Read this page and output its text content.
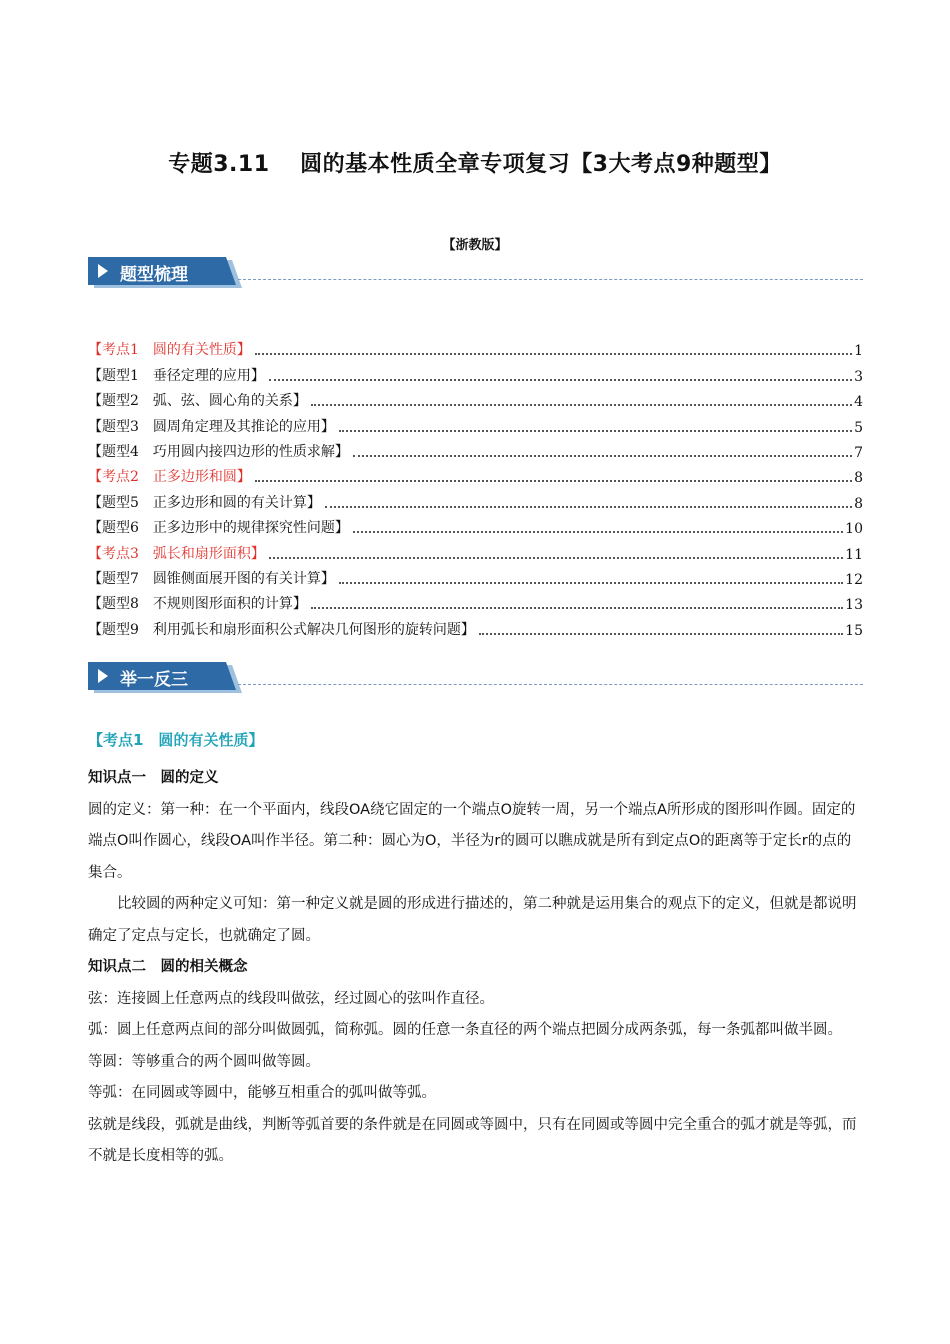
专题3.11　 圆的基本性质全章专项复习【3大考点9种题型】
【浙教版】
题型梳理
【考点1　圆的有关性质】	1
【题型1　垂径定理的应用】	3
【题型2　弧、弦、圆心角的关系】	4
【题型3　圆周角定理及其推论的应用】	5
【题型4　巧用圆内接四边形的性质求解】	7
【考点2　正多边形和圆】	8
【题型5　正多边形和圆的有关计算】	8
【题型6　正多边形中的规律探究性问题】	10
【考点3　弧长和扇形面积】	11
【题型7　圆锥侧面展开图的有关计算】	12
【题型8　不规则图形面积的计算】	13
【题型9　利用弧长和扇形面积公式解决几何图形的旋转问题】	15
举一反三
【考点1　圆的有关性质】

知识点一　圆的定义

圆的定义：第一种：在一个平面内，线段OA绕它固定的一个端点O旋转一周，另一个端点A所形成的图形叫作圆。固定的端点O叫作圆心，线段OA叫作半径。第二种：圆心为O，半径为r的圆可以瞧成就是所有到定点O的距离等于定长r的点的集合。

比较圆的两种定义可知：第一种定义就是圆的形成进行描述的，第二种就是运用集合的观点下的定义，但就是都说明确定了定点与定长，也就确定了圆。

知识点二　圆的相关概念

弦：连接圆上任意两点的线段叫做弦，经过圆心的弦叫作直径。

弧：圆上任意两点间的部分叫做圆弧，简称弧。圆的任意一条直径的两个端点把圆分成两条弧，每一条弧都叫做半圆。

等圆：等够重合的两个圆叫做等圆。

等弧：在同圆或等圆中，能够互相重合的弧叫做等弧。

弦就是线段，弧就是曲线，判断等弧首要的条件就是在同圆或等圆中，只有在同圆或等圆中完全重合的弧才就是等弧，而不就是长度相等的弧。
